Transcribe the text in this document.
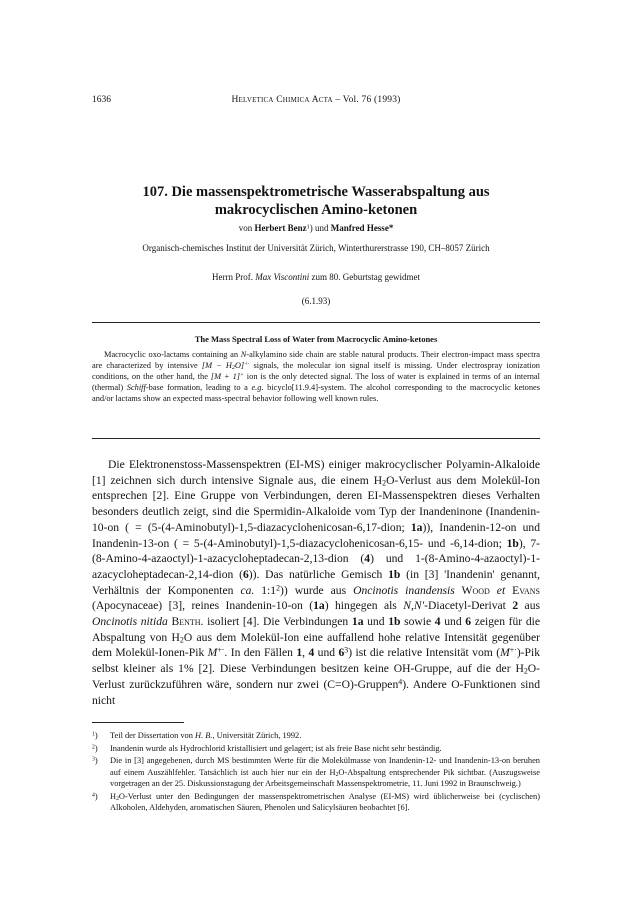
1636	Helvetica Chimica Acta – Vol. 76 (1993)
107. Die massenspektrometrische Wasserabspaltung aus makrocyclischen Amino-ketonen
von Herbert Benz$^1$) und Manfred Hesse*
Organisch-chemisches Institut der Universität Zürich, Winterthurerstrasse 190, CH–8057 Zürich
Herrn Prof. Max Viscontini zum 80. Geburtstag gewidmet
(6.1.93)
The Mass Spectral Loss of Water from Macrocyclic Amino-ketones

Macrocyclic oxo-lactams containing an N-alkylamino side chain are stable natural products. Their electron-impact mass spectra are characterized by intensive $[M - H_2O]^{+\cdot}$ signals, the molecular ion signal itself is missing. Under electrospray ionization conditions, on the other hand, the [M + 1]+ ion is the only detected signal. The loss of water is explained in terms of an internal (thermal) Schiff-base formation, leading to a e.g. bicyclo[11.9.4]-system. The alcohol corresponding to the macrocyclic ketones and/or lactams show an expected mass-spectral behavior following well known rules.

Die Elektronenstoss-Massenspektren (EI-MS) einiger makrocyclischer Polyamin-Alkaloide [1] zeichnen sich durch intensive Signale aus, die einem $H_2O$-Verlust aus dem Molekül-Ion entsprechen [2]. Eine Gruppe von Verbindungen, deren EI-Massenspektren dieses Verhalten besonders deutlich zeigt, sind die Spermidin-Alkaloide vom Typ der Inandeninone (Inandenin-10-on ( = (5-(4-Aminobutyl)-1,5-diazacyclohenicosan-6,17-dion; 1a)), Inandenin-12-on und Inandenin-13-on ( = 5-(4-Aminobutyl)-1,5-diazacyclohenicosan-6,15- und -6,14-dion; 1b), 7-(8-Amino-4-azaoctyl)-1-azacycloheptadecan-2,13-dion (4) und 1-(8-Amino-4-azaoctyl)-1-azacycloheptadecan-2,14-dion (6)). Das natürliche Gemisch 1b (in [3] 'Inandenin' genannt, Verhältnis der Komponenten ca. $1:1^2$)) wurde aus Oncinotis inandensis Wood et Evans (Apocynaceae) [3], reines Inandenin-10-on (1a) hingegen als N,N'-Diacetyl-Derivat 2 aus Oncinotis nitida Benth. isoliert [4]. Die Verbindungen 1a und 1b sowie 4 und 6 zeigen für die Abspaltung von $H_2O$ aus dem Molekül-Ion eine auffallend hohe relative Intensität gegenüber dem Molekül-Ionen-Pik M+·. In den Fällen 1, 4 und $6^3$) ist die relative Intensität vom (M+·)-Pik selbst kleiner als 1% [2]. Diese Verbindungen besitzen keine OH-Gruppe, auf die der $H_2O$-Verlust zurückzuführen wäre, sondern nur zwei (C=O)-Gruppen$^4$). Andere O-Funktionen sind nicht

$^1$)	Teil der Dissertation von H. B., Universität Zürich, 1992.
$^2$)	Inandenin wurde als Hydrochlorid kristallisiert und gelagert; ist als freie Base nicht sehr beständig.
$^3$)	Die in [3] angegebenen, durch MS bestimmten Werte für die Molekülmasse von Inandenin-12- und Inandenin-13-on beruhen auf einem Auszählfehler. Tatsächlich ist auch hier nur ein der $H_2O$-Abspaltung entsprechender Pik sichtbar. (Auszugsweise vorgetragen an der 25. Diskussionstagung der Arbeitsgemeinschaft Massenspektrometrie, 11. Juni 1992 in Braunschweig.)
$^4$)	$H_2O$-Verlust unter den Bedingungen der massenspektrometrischen Analyse (EI-MS) wird üblicherweise bei (cyclischen) Alkoholen, Aldehyden, aromatischen Säuren, Phenolen und Salicylsäuren beobachtet [6].
